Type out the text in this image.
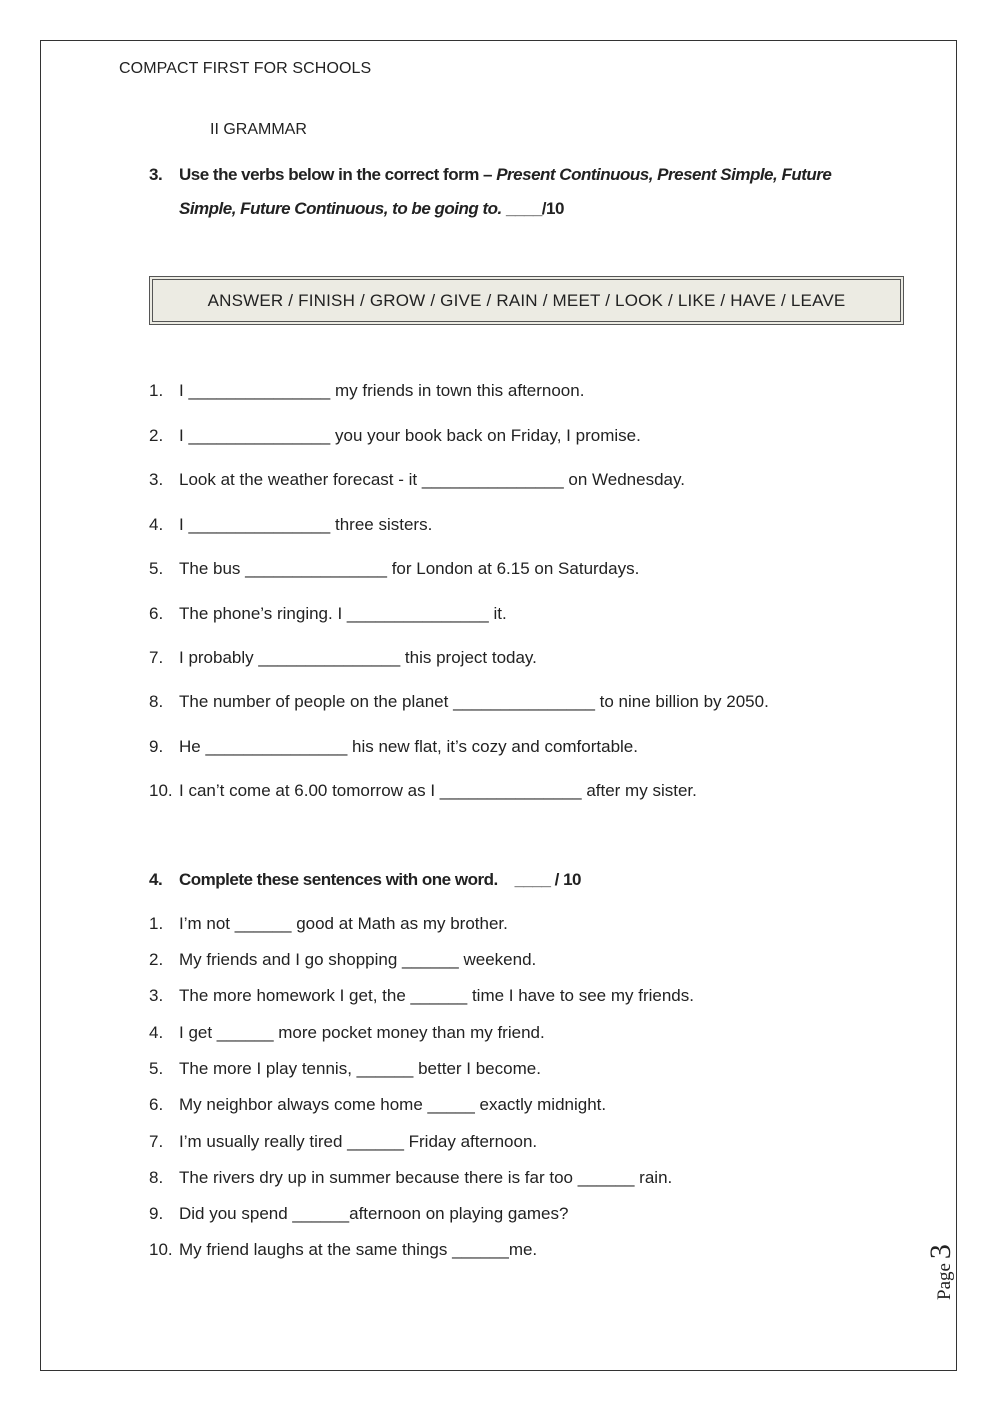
COMPACT FIRST FOR SCHOOLS
II GRAMMAR
3. Use the verbs below in the correct form – Present Continuous, Present Simple, Future
Simple, Future Continuous, to be going to. ____/10
ANSWER / FINISH / GROW / GIVE / RAIN / MEET / LOOK / LIKE / HAVE / LEAVE
1. I _______________ my friends in town this afternoon.
2. I _______________ you your book back on Friday, I promise.
3. Look at the weather forecast - it _______________ on Wednesday.
4. I _______________ three sisters.
5. The bus _______________ for London at 6.15 on Saturdays.
6. The phone’s ringing. I _______________ it.
7. I probably _______________ this project today.
8. The number of people on the planet _______________ to nine billion by 2050.
9. He _______________ his new flat, it’s cozy and comfortable.
10. I can’t come at 6.00 tomorrow as I _______________ after my sister.
4. Complete these sentences with one word. ____ / 10
1. I’m not ______ good at Math as my brother.
2. My friends and I go shopping ______ weekend.
3. The more homework I get, the ______ time I have to see my friends.
4. I get ______ more pocket money than my friend.
5. The more I play tennis, ______ better I become.
6. My neighbor always come home _____ exactly midnight.
7. I’m usually really tired ______ Friday afternoon.
8. The rivers dry up in summer because there is far too ______ rain.
9. Did you spend ______afternoon on playing games?
10. My friend laughs at the same things ______me.
Page
3
